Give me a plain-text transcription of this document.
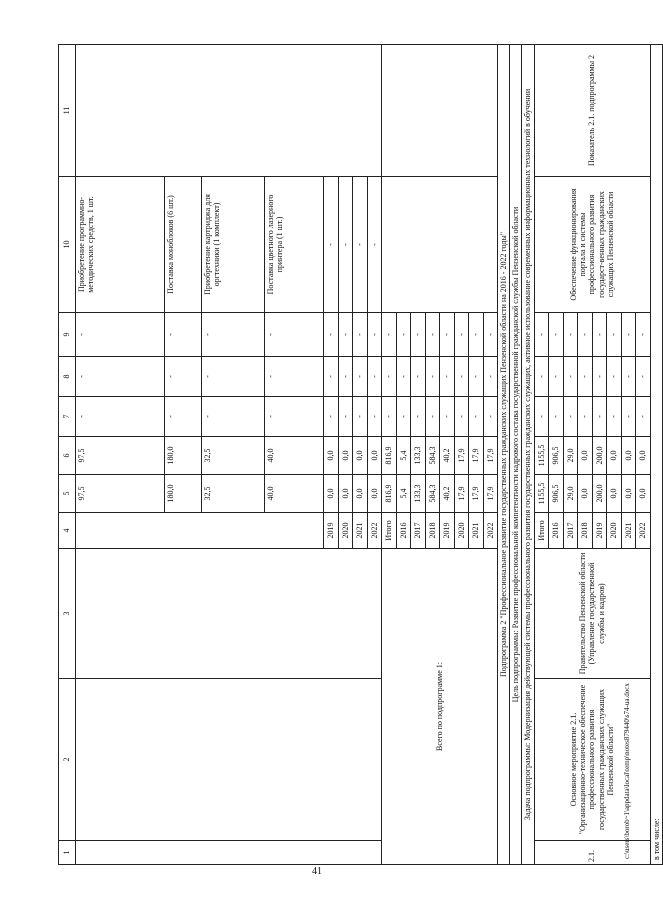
41
1	2	3	4	5	6	7	8	9	10	11
				97,5	97,5	-	-	-	Приобретение программно-методических средств, 1 шт.	
				180,0	180,0	-	-	-	Поставка моноблоков (6 шт.)	
				32,5	32,5	-	-	-	Приобретение картриджа для оргтехники (1 комплект)	
				40,0	40,0	-	-	-	Поставка цветного лазерного принтера (1 шт.)	
			2019	0,0	0,0	-	-	-	-	
			2020	0,0	0,0	-	-	-	-	
			2021	0,0	0,0	-	-	-	-	
			2022	0,0	0,0	-	-	-	-	
Всего по подпрограмме 1:			Итого	816,9	816,9	-	-	-		
			2016	5,4	5,4	-	-	-		
			2017	133,3	133,3	-	-	-		
			2018	584,3	584,3	-	-	-		
			2019	40,2	40,2	-	-	-		
			2020	17,9	17,9	-	-	-		
			2021	17,9	17,9	-	-	-		
			2022	17,9	17,9	-	-	-		
Подпрограмма 2 "Профессиональное развитие государственных гражданских служащих Пензенской области на 2016 - 2022 годы"										
Цель подпрограммы: Развитие профессиональной компетентности кадрового состава государственной гражданской службы Пензенской области										
Задача подпрограммы: Модернизация действующей системы профессионального развития государственных гражданских служащих, активное использование современных информационных технологий в обучении										
2.1.	Основное мероприятие 2.1. "Организационно-техническое обеспечение профессионального развития государственных гражданских служащих Пензенской области"	Правительство Пензенской области (Управление государственной службы и кадров)	Итого	1155,5	1155,5	-	-	-	Обеспечение функционирования портала и системы профессионального развития государст-венных гражданских служащих Пензенской области	Показатель 2.1. подпрограммы 2
			2016	906,5	906,5	-	-	-		
			2017	29,0	29,0	-	-	-		
			2018	0,0	0,0	-	-	-		
			2019	200,0	200,0	-	-	-		
			2020	0,0	0,0	-	-	-		
			2021	0,0	0,0	-	-	-		
			2022	0,0	0,0	-	-	-		
в том числе:										
c:\users\borob~1\appdata\local\temp\notes879440\s74-ua.docx
